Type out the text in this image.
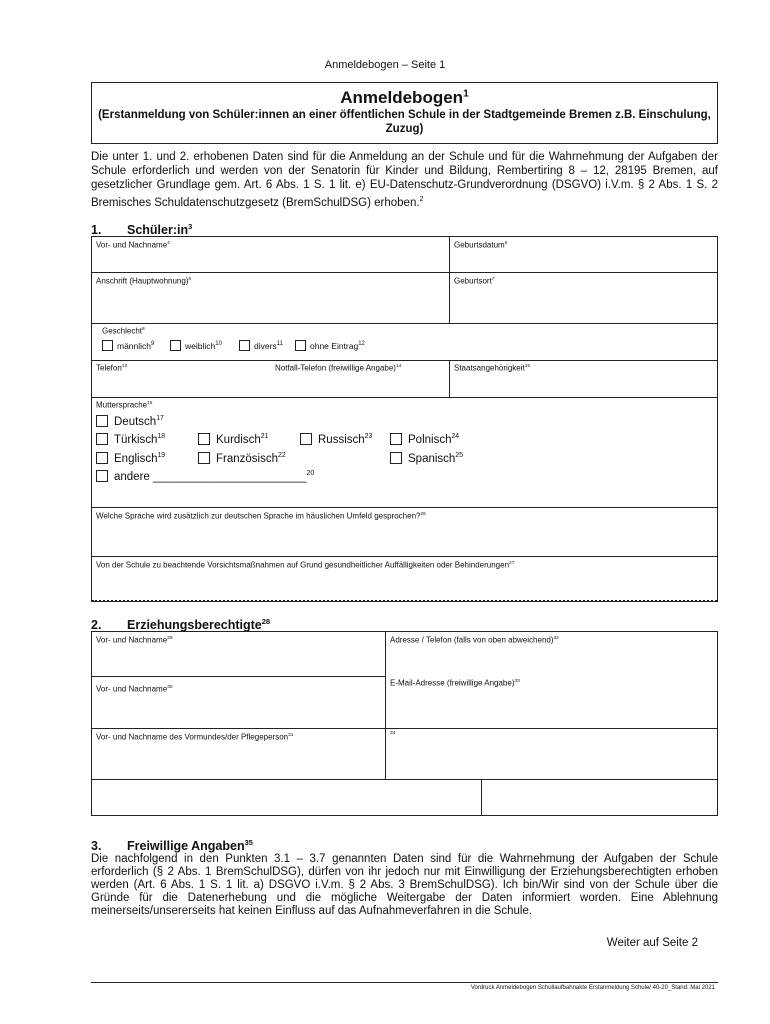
Anmeldebogen – Seite 1
Anmeldebogen$^1$
(Erstanmeldung von Schüler:innen an einer öffentlichen Schule in der Stadtgemeinde Bremen z.B. Einschulung, Zuzug)
Die unter 1. und 2. erhobenen Daten sind für die Anmeldung an der Schule und für die Wahrnehmung der Aufgaben der Schule erforderlich und werden von der Senatorin für Kinder und Bildung, Rembertiring 8 – 12, 28195 Bremen, auf gesetzlicher Grundlage gem. Art. 6 Abs. 1 S. 1 lit. e) EU-Datenschutz-Grundverordnung (DSGVO) i.V.m. § 2 Abs. 1 S. 2 Bremisches Schuldatenschutzgesetz (BremSchulDSG) erhoben.$^2$
1. $Schüler:in^3$
Vor- und Nachname$^4$	Geburtsdatum$^5$
Anschrift (Hauptwohnung)$^6$	Geburtsort$^7$
Geschlecht$^8$
männlich$^9$	weiblich$^{10}$	divers$^{11}$	ohne Eintrag$^{12}$
Telefon$^{13}$	Notfall-Telefon (freiwillige Angabe)$^{14}$	Staatsangehörigkeit$^{15}$
Muttersprache$^{16}$
Deutsch$^{17}$
Türkisch$^{18}$	Kurdisch$^{21}$	Russisch$^{23}$	Polnisch$^{24}$
Englisch$^{19}$	Französisch$^{22}$	Spanisch$^{25}$
andere ________________________$^{20}$
Welche Sprache wird zusätzlich zur deutschen Sprache im häuslichen Umfeld gesprochen?$^{26}$
Von der Schule zu beachtende Vorsichtsmaßnahmen auf Grund gesundheitlicher Auffälligkeiten oder Behinderungen$^{27}$
2. Erziehungsberechtigte$^{28}$
Vor- und Nachname$^{29}$	Adresse / Telefon (falls von oben abweichend)$^{32}$
Vor- und Nachname$^{30}$	E-Mail-Adresse (freiwillige Angabe)$^{33}$
Vor- und Nachname des Vormundes/der Pflegeperson$^{31}$	$^{34}$
3. Freiwillige Angaben$^{35}$
Die nachfolgend in den Punkten 3.1 – 3.7 genannten Daten sind für die Wahrnehmung der Aufgaben der Schule erforderlich (§ 2 Abs. 1 BremSchulDSG), dürfen von ihr jedoch nur mit Einwilligung der Erziehungsberechtigten erhoben werden (Art. 6 Abs. 1 S. 1 lit. a) DSGVO i.V.m. § 2 Abs. 3 BremSchulDSG). Ich bin/Wir sind von der Schule über die Gründe für die Datenerhebung und die mögliche Weitergabe der Daten informiert worden. Eine Ablehnung meinerseits/unsererseits hat keinen Einfluss auf das Aufnahmeverfahren in die Schule.
Weiter auf Seite 2
Vordruck Anmeldebogen Schullaufbahnakte Erstanmeldung Schule/ 40-20_Stand: Mai 2021
